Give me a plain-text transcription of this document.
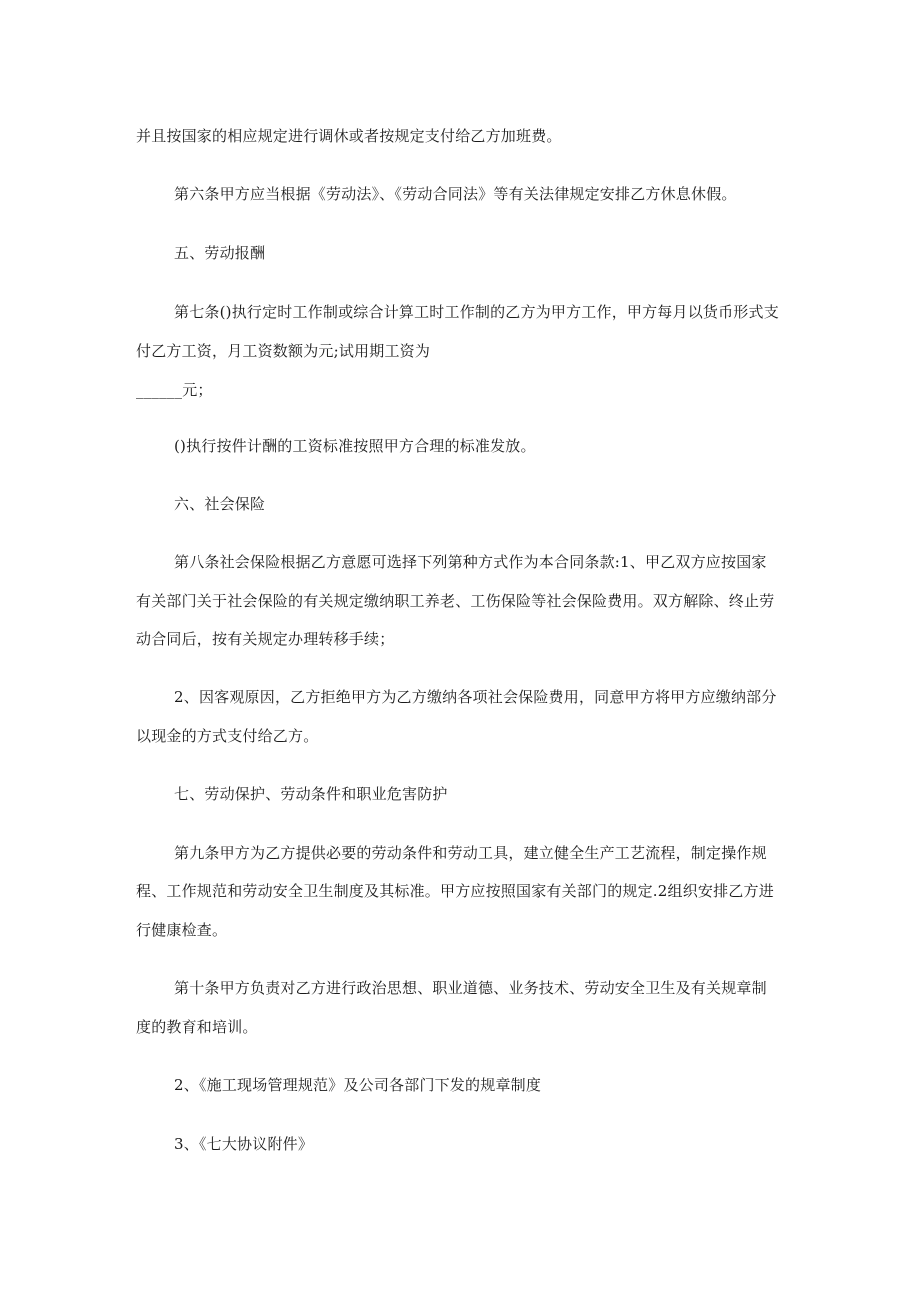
并且按国家的相应规定进行调休或者按规定支付给乙方加班费。
第六条甲方应当根据《劳动法》、《劳动合同法》等有关法律规定安排乙方休息休假。
五、劳动报酬
第七条()执行定时工作制或综合计算工时工作制的乙方为甲方工作，甲方每月以货币形式支
付乙方工资，月工资数额为元;试用期工资为
______元；
()执行按件计酬的工资标准按照甲方合理的标准发放。
六、社会保险
第八条社会保险根据乙方意愿可选择下列第种方式作为本合同条款:1、甲乙双方应按国家
有关部门关于社会保险的有关规定缴纳职工养老、工伤保险等社会保险费用。双方解除、终止劳
动合同后，按有关规定办理转移手续；
2、因客观原因，乙方拒绝甲方为乙方缴纳各项社会保险费用，同意甲方将甲方应缴纳部分
以现金的方式支付给乙方。
七、劳动保护、劳动条件和职业危害防护
第九条甲方为乙方提供必要的劳动条件和劳动工具，建立健全生产工艺流程，制定操作规
程、工作规范和劳动安全卫生制度及其标准。甲方应按照国家有关部门的规定.2组织安排乙方进
行健康检查。
第十条甲方负责对乙方进行政治思想、职业道德、业务技术、劳动安全卫生及有关规章制
度的教育和培训。
2、《施工现场管理规范》及公司各部门下发的规章制度
3、《七大协议附件》
